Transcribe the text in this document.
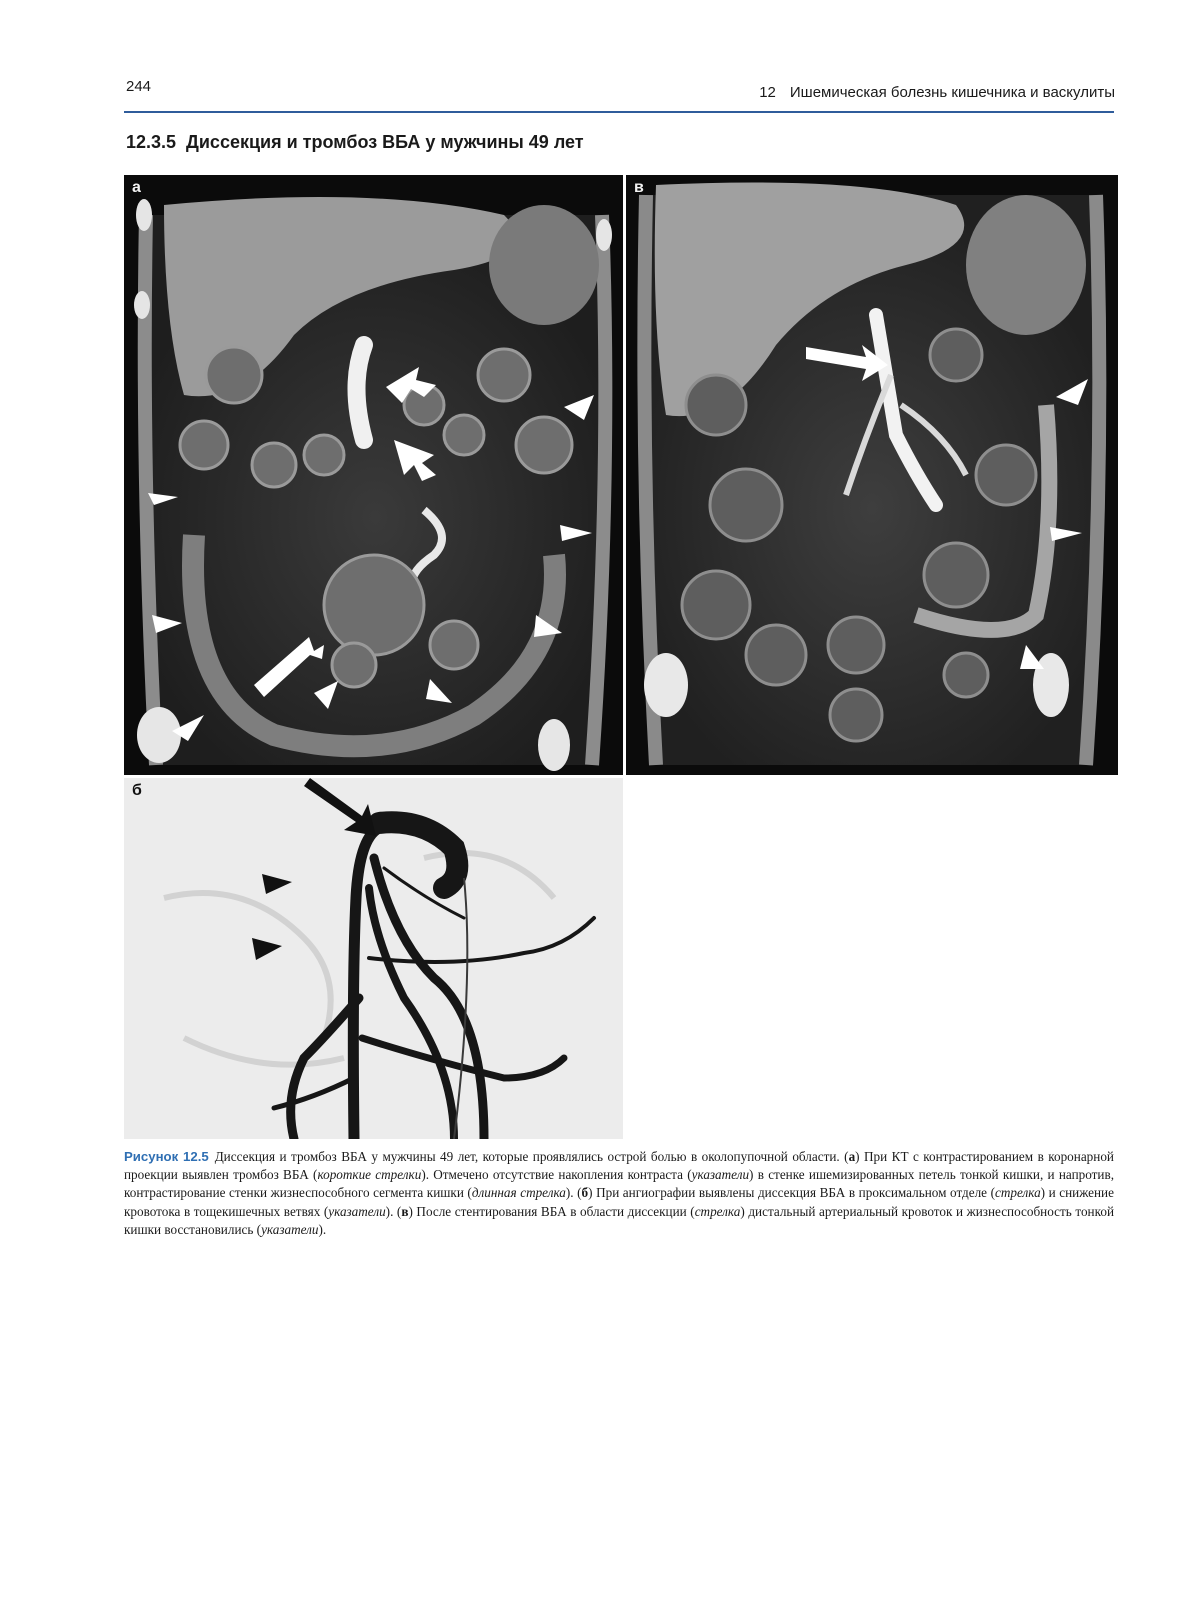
244	12 Ишемическая болезнь кишечника и васкулиты
12.3.5 Диссекция и тромбоз ВБА у мужчины 49 лет
а	в
б
Рисунок 12.5 Диссекция и тромбоз ВБА у мужчины 49 лет, которые проявлялись острой болью в околопупочной области. (а) При КТ с контрастированием в коронарной проекции выявлен тромбоз ВБА (короткие стрелки). Отмечено отсутствие накопления контраста (указатели) в стенке ишемизированных петель тонкой кишки, и напротив, контрастирование стенки жизнеспособного сегмента кишки (длинная стрелка). (б) При ангиографии выявлены диссекция ВБА в проксимальном отделе (стрелка) и снижение кровотока в тощекишечных ветвях (указатели). (в) После стентирования ВБА в области диссекции (стрелка) дистальный артериальный кровоток и жизнеспособность тонкой кишки восстановились (указатели).
